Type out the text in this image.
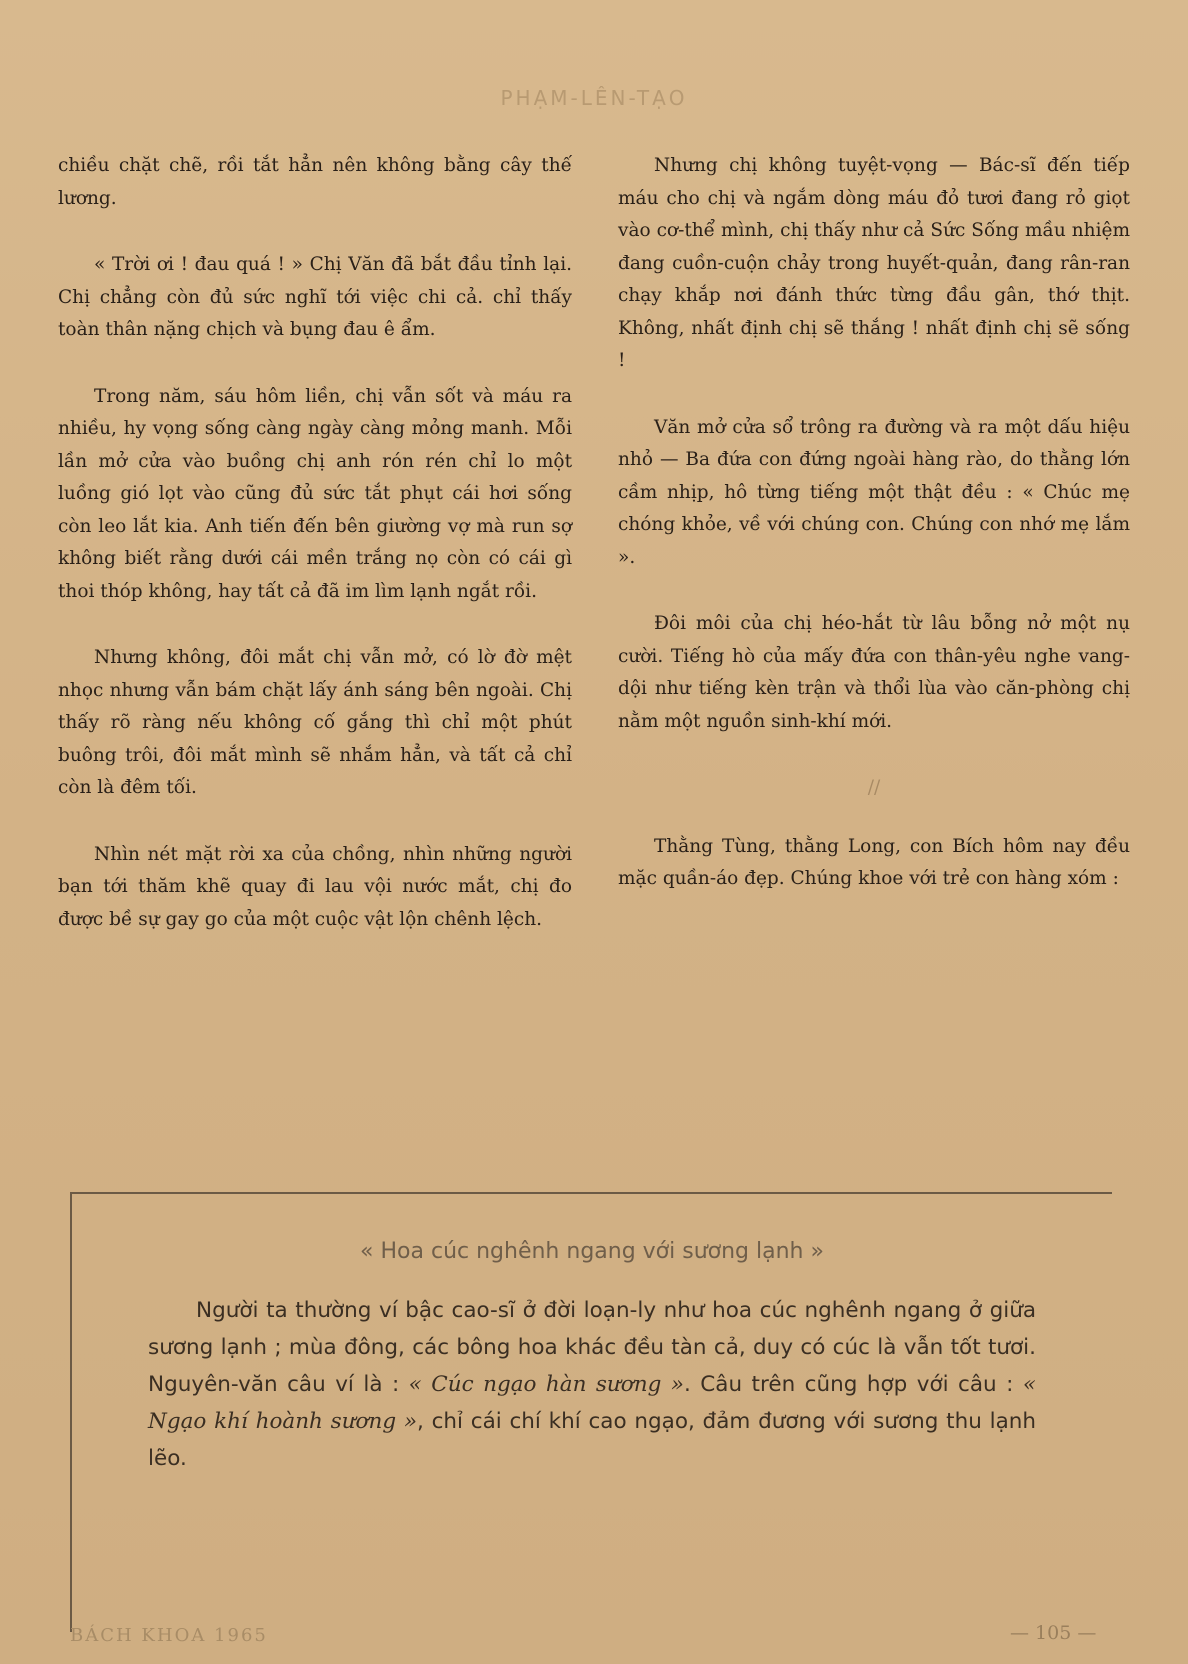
PHẠM-LÊN-TẠO

chiều chặt chẽ, rồi tắt hẳn nên không bằng cây thế lương.

« Trời ơi ! đau quá ! » Chị Văn đã bắt đầu tỉnh lại. Chị chẳng còn đủ sức nghĩ tới việc chi cả. chỉ thấy toàn thân nặng chịch và bụng đau ê ẩm.

Trong năm, sáu hôm liền, chị vẫn sốt và máu ra nhiều, hy vọng sống càng ngày càng mỏng manh. Mỗi lần mở cửa vào buồng chị anh rón rén chỉ lo một luồng gió lọt vào cũng đủ sức tắt phụt cái hơi sống còn leo lắt kia. Anh tiến đến bên giường vợ mà run sợ không biết rằng dưới cái mền trắng nọ còn có cái gì thoi thóp không, hay tất cả đã im lìm lạnh ngắt rồi.

Nhưng không, đôi mắt chị vẫn mở, có lờ đờ mệt nhọc nhưng vẫn bám chặt lấy ánh sáng bên ngoài. Chị thấy rõ ràng nếu không cố gắng thì chỉ một phút buông trôi, đôi mắt mình sẽ nhắm hẳn, và tất cả chỉ còn là đêm tối.

Nhìn nét mặt rời xa của chồng, nhìn những người bạn tới thăm khẽ quay đi lau vội nước mắt, chị đo được bề sự gay go của một cuộc vật lộn chênh lệch.

Nhưng chị không tuyệt-vọng — Bác-sĩ đến tiếp máu cho chị và ngắm dòng máu đỏ tươi đang rỏ giọt vào cơ-thể mình, chị thấy như cả Sức Sống mầu nhiệm đang cuồn-cuộn chảy trong huyết-quản, đang rân-ran chạy khắp nơi đánh thức từng đầu gân, thớ thịt. Không, nhất định chị sẽ thắng ! nhất định chị sẽ sống !

Văn mở cửa sổ trông ra đường và ra một dấu hiệu nhỏ — Ba đứa con đứng ngoài hàng rào, do thằng lớn cầm nhịp, hô từng tiếng một thật đều : « Chúc mẹ chóng khỏe, về với chúng con. Chúng con nhớ mẹ lắm ».

Đôi môi của chị héo-hắt từ lâu bỗng nở một nụ cười. Tiếng hò của mấy đứa con thân-yêu nghe vang-dội như tiếng kèn trận và thổi lùa vào căn-phòng chị nằm một nguồn sinh-khí mới.

//

Thằng Tùng, thằng Long, con Bích hôm nay đều mặc quần-áo đẹp. Chúng khoe với trẻ con hàng xóm :

« Hoa cúc nghênh ngang với sương lạnh »

Người ta thường ví bậc cao-sĩ ở đời loạn-ly như hoa cúc nghênh ngang ở giữa sương lạnh ; mùa đông, các bông hoa khác đều tàn cả, duy có cúc là vẫn tốt tươi. Nguyên-văn câu ví là : « Cúc ngạo hàn sương ». Câu trên cũng hợp với câu : « Ngạo khí hoành sương », chỉ cái chí khí cao ngạo, đảm đương với sương thu lạnh lẽo.

BÁCH KHOA 1965	— 105 —
